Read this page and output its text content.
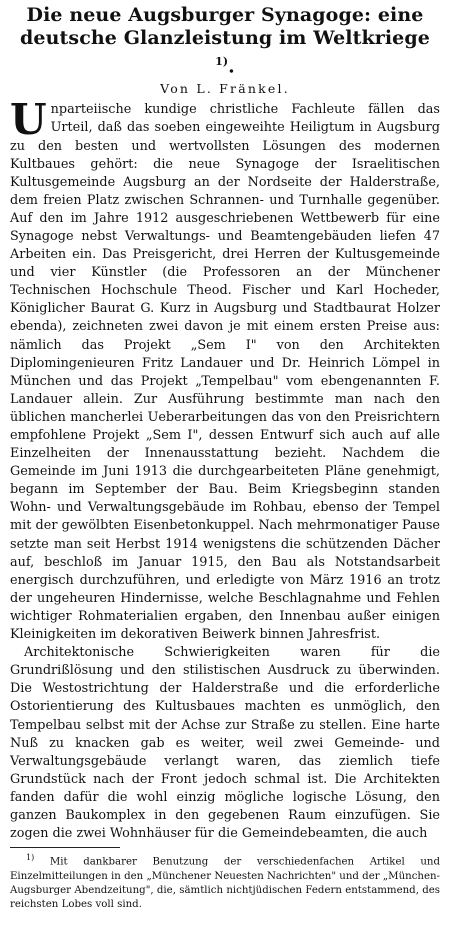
Die neue Augsburger Synagoge: eine deutsche Glanzleistung im Weltkriege $^{1)}$.
Von L. Fränkel.

Unparteiische kundige christliche Fachleute fällen das Urteil, daß das soeben eingeweihte Heiligtum in Augsburg zu den besten und wertvollsten Lösungen des modernen Kultbaues gehört: die neue Synagoge der Israelitischen Kultusgemeinde Augsburg an der Nordseite der Halderstraße, dem freien Platz zwischen Schrannen- und Turnhalle gegenüber. Auf den im Jahre 1912 ausgeschriebenen Wettbewerb für eine Synagoge nebst Verwaltungs- und Beamtengebäuden liefen 47 Arbeiten ein. Das Preisgericht, drei Herren der Kultusgemeinde und vier Künstler (die Professoren an der Münchener Technischen Hochschule Theod. Fischer und Karl Hocheder, Königlicher Baurat G. Kurz in Augsburg und Stadtbaurat Holzer ebenda), zeichneten zwei davon je mit einem ersten Preise aus: nämlich das Projekt „Sem I" von den Architekten Diplomingenieuren Fritz Landauer und Dr. Heinrich Lömpel in München und das Projekt „Tempelbau" vom ebengenannten F. Landauer allein. Zur Ausführung bestimmte man nach den üblichen mancherlei Ueberarbeitungen das von den Preisrichtern empfohlene Projekt „Sem I", dessen Entwurf sich auch auf alle Einzelheiten der Innenausstattung bezieht. Nachdem die Gemeinde im Juni 1913 die durchgearbeiteten Pläne genehmigt, begann im September der Bau. Beim Kriegsbeginn standen Wohn- und Verwaltungsgebäude im Rohbau, ebenso der Tempel mit der gewölbten Eisenbetonkuppel. Nach mehrmonatiger Pause setzte man seit Herbst 1914 wenigstens die schützenden Dächer auf, beschloß im Januar 1915, den Bau als Notstandsarbeit energisch durchzuführen, und erledigte von März 1916 an trotz der ungeheuren Hindernisse, welche Beschlagnahme und Fehlen wichtiger Rohmaterialien ergaben, den Innenbau außer einigen Kleinigkeiten im dekorativen Beiwerk binnen Jahresfrist.

Architektonische Schwierigkeiten waren für die Grundrißlösung und den stilistischen Ausdruck zu überwinden. Die Westostrichtung der Halderstraße und die erforderliche Ostorientierung des Kultusbaues machten es unmöglich, den Tempelbau selbst mit der Achse zur Straße zu stellen. Eine harte Nuß zu knacken gab es weiter, weil zwei Gemeinde- und Verwaltungsgebäude verlangt waren, das ziemlich tiefe Grundstück nach der Front jedoch schmal ist. Die Architekten fanden dafür die wohl einzig mögliche logische Lösung, den ganzen Baukomplex in den gegebenen Raum einzufügen. Sie zogen die zwei Wohnhäuser für die Gemeindebeamten, die auch

$^{1)}$ Mit dankbarer Benutzung der verschiedenfachen Artikel und Einzelmitteilungen in den „Münchener Neuesten Nachrichten" und der „München-Augsburger Abendzeitung", die, sämtlich nichtjüdischen Federn entstammend, des reichsten Lobes voll sind.
